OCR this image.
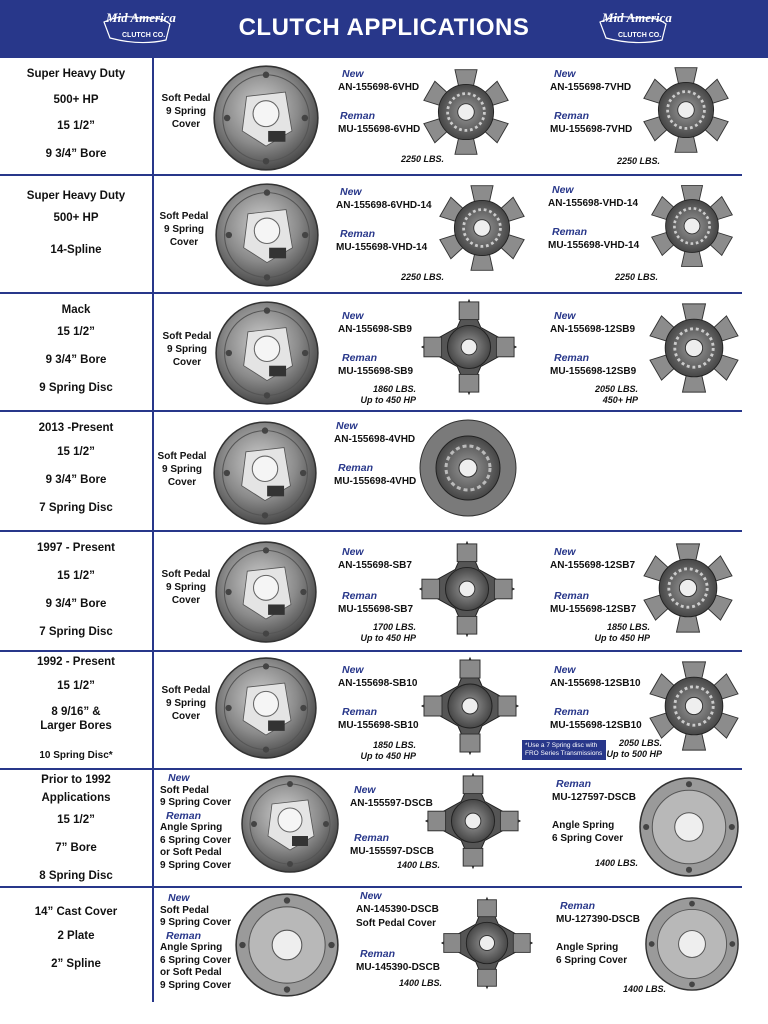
Mid America
CLUTCH CO.	CLUTCH APPLICATIONS	Mid America
CLUTCH CO.
Super Heavy Duty
500+ HP
15 1/2”
9 3/4” Bore
Soft Pedal
9 Spring
Cover
New
AN-155698-6VHD
Reman
MU-155698-6VHD
2250 LBS.
New
AN-155698-7VHD
Reman
MU-155698-7VHD
2250 LBS.
Super Heavy Duty
500+ HP
14-Spline
Soft Pedal
9 Spring
Cover
New
AN-155698-6VHD-14
Reman
MU-155698-VHD-14
2250 LBS.
New
AN-155698-VHD-14
Reman
MU-155698-VHD-14
2250 LBS.
Mack
15 1/2”
9 3/4” Bore
9 Spring Disc
Soft Pedal
9 Spring
Cover
New
AN-155698-SB9
Reman
MU-155698-SB9
1860 LBS.
Up to 450 HP
New
AN-155698-12SB9
Reman
MU-155698-12SB9
2050 LBS.
450+ HP
2013 -Present
15 1/2”
9 3/4” Bore
7 Spring Disc
Soft Pedal
9 Spring
Cover
New
AN-155698-4VHD
Reman
MU-155698-4VHD
1997 - Present
15 1/2”
9 3/4” Bore
7 Spring Disc
Soft Pedal
9 Spring
Cover
New
AN-155698-SB7
Reman
MU-155698-SB7
1700 LBS.
Up to 450 HP
New
AN-155698-12SB7
Reman
MU-155698-12SB7
1850 LBS.
Up to 450 HP
1992 - Present
15 1/2”
8 9/16” &
Larger Bores
10 Spring Disc*
Soft Pedal
9 Spring
Cover
New
AN-155698-SB10
Reman
MU-155698-SB10
1850 LBS.
Up to 450 HP
*Use a 7 Spring disc with
FRO Series Transmissions
New
AN-155698-12SB10
Reman
MU-155698-12SB10
2050 LBS.
Up to 500 HP
Prior to 1992
Applications
15 1/2”
7” Bore
8 Spring Disc
New
Soft Pedal
9 Spring Cover
Reman
Angle Spring
6 Spring Cover
or Soft Pedal
9 Spring Cover
New
AN-155597-DSCB
Reman
MU-155597-DSCB
1400 LBS.
Reman
MU-127597-DSCB
Angle Spring
6 Spring Cover
1400 LBS.
14” Cast Cover
2 Plate
2” Spline
New
Soft Pedal
9 Spring Cover
Reman
Angle Spring
6 Spring Cover
or Soft Pedal
9 Spring Cover
New
AN-145390-DSCB
Soft Pedal Cover
Reman
MU-145390-DSCB
1400 LBS.
Reman
MU-127390-DSCB
Angle Spring
6 Spring Cover
1400 LBS.
